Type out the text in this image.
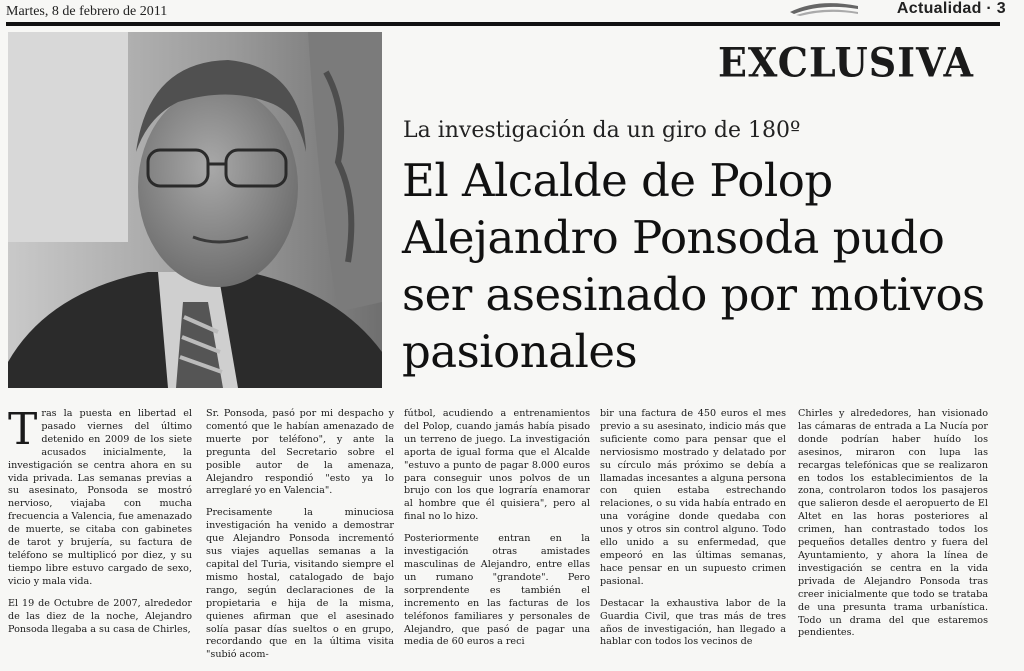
Martes, 8 de febrero de 2011	Actualidad · 3
EXCLUSIVA
La investigación da un giro de 180º
El Alcalde de Polop Alejandro Ponsoda pudo ser asesinado por motivos pasionales

Tras la puesta en libertad el pasado viernes del último detenido en 2009 de los siete acusados inicialmente, la investigación se centra ahora en su vida privada. Las semanas previas a su asesinato, Ponsoda se mostró nervioso, viajaba con mucha frecuencia a Valencia, fue amenazado de muerte, se citaba con gabinetes de tarot y brujería, su factura de teléfono se multiplicó por diez, y su tiempo libre estuvo cargado de sexo, vicio y mala vida.

El 19 de Octubre de 2007, alrededor de las diez de la noche, Alejandro Ponsoda llegaba a su casa de Chirles,

Sr. Ponsoda, pasó por mi despacho y comentó que le habían amenazado de muerte por teléfono", y ante la pregunta del Secretario sobre el posible autor de la amenaza, Alejandro respondió "esto ya lo arreglaré yo en Valencia".

Precisamente la minuciosa investigación ha venido a demostrar que Alejandro Ponsoda incrementó sus viajes aquellas semanas a la capital del Turia, visitando siempre el mismo hostal, catalogado de bajo rango, según declaraciones de la propietaria e hija de la misma, quienes afirman que el asesinado solía pasar días sueltos o en grupo, recordando que en la última visita "subió acom-

fútbol, acudiendo a entrenamientos del Polop, cuando jamás había pisado un terreno de juego. La investigación aporta de igual forma que el Alcalde "estuvo a punto de pagar 8.000 euros para conseguir unos polvos de un brujo con los que lograría enamorar al hombre que él quisiera", pero al final no lo hizo.

Posteriormente entran en la investigación otras amistades masculinas de Alejandro, entre ellas un rumano "grandote". Pero sorprendente es también el incremento en las facturas de los teléfonos familiares y personales de Alejandro, que pasó de pagar una media de 60 euros a reci

bir una factura de 450 euros el mes previo a su asesinato, indicio más que suficiente como para pensar que el nerviosismo mostrado y delatado por su círculo más próximo se debía a llamadas incesantes a alguna persona con quien estaba estrechando relaciones, o su vida había entrado en una vorágine donde quedaba con unos y otros sin control alguno. Todo ello unido a su enfermedad, que empeoró en las últimas semanas, hace pensar en un supuesto crimen pasional.

Destacar la exhaustiva labor de la Guardia Civil, que tras más de tres años de investigación, han llegado a hablar con todos los vecinos de

Chirles y alrededores, han visionado las cámaras de entrada a La Nucía por donde podrían haber huído los asesinos, miraron con lupa las recargas telefónicas que se realizaron en todos los establecimientos de la zona, controlaron todos los pasajeros que salieron desde el aeropuerto de El Altet en las horas posteriores al crimen, han contrastado todos los pequeños detalles dentro y fuera del Ayuntamiento, y ahora la línea de investigación se centra en la vida privada de Alejandro Ponsoda tras creer inicialmente que todo se trataba de una presunta trama urbanística. Todo un drama del que estaremos pendientes.
